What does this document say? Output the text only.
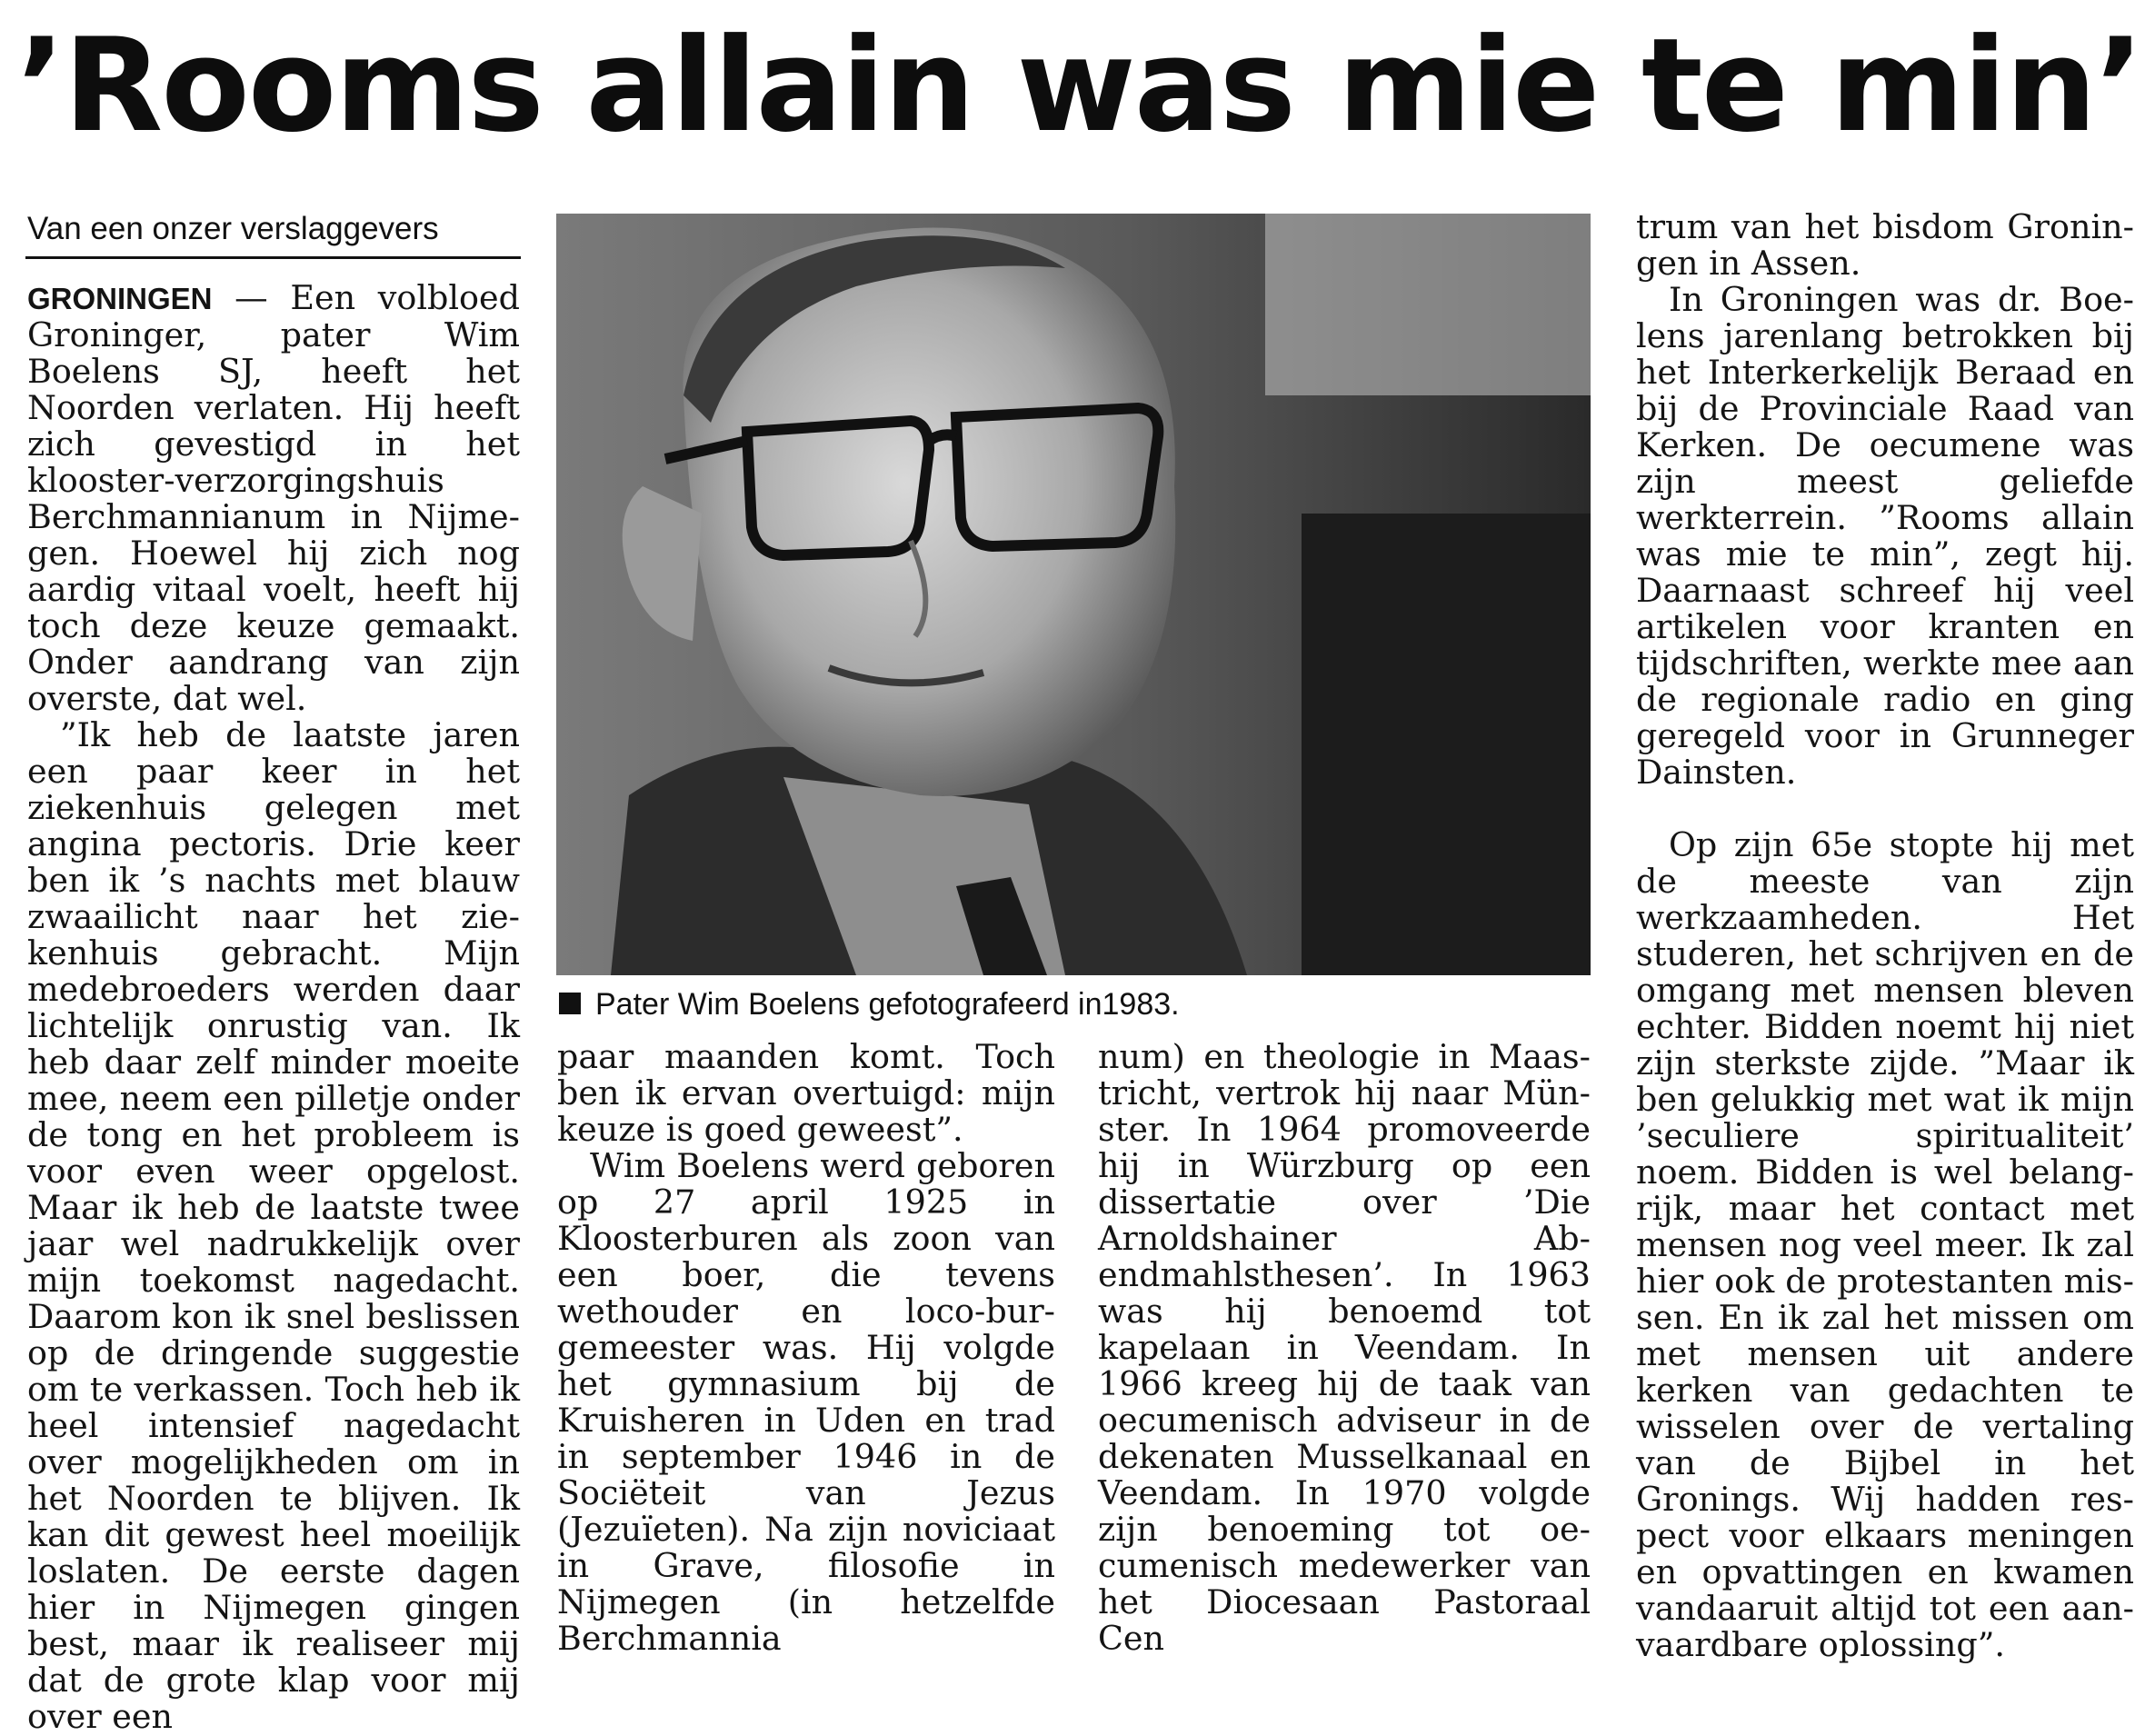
’Rooms allain was mie te min’
Van een onzer verslaggevers

GRONINGEN — Een volbloed Groninger, pater Wim Boelens SJ, heeft het Noorden verlaten. Hij heeft zich gevestigd in het klooster-verzorgingshuis Berchmannianum in Nijmegen. Hoewel hij zich nog aardig vitaal voelt, heeft hij toch deze keuze gemaakt. Onder aandrang van zijn overste, dat wel.

”Ik heb de laatste jaren een paar keer in het ziekenhuis gelegen met angina pectoris. Drie keer ben ik ’s nachts met blauw zwaailicht naar het ziekenhuis gebracht. Mijn medebroeders werden daar lichtelijk onrustig van. Ik heb daar zelf minder moeite mee, neem een pilletje onder de tong en het probleem is voor even weer opgelost. Maar ik heb de laatste twee jaar wel nadrukkelijk over mijn toekomst nagedacht. Daarom kon ik snel beslissen op de dringende suggestie om te verkassen. Toch heb ik heel intensief nagedacht over mogelijkheden om in het Noorden te blijven. Ik kan dit gewest heel moeilijk loslaten. De eerste dagen hier in Nijmegen gingen best, maar ik realiseer mij dat de grote klap voor mij over een

Pater Wim Boelens gefotografeerd in1983.

paar maanden komt. Toch ben ik ervan overtuigd: mijn keuze is goed geweest”.

Wim Boelens werd geboren op 27 april 1925 in Kloosterburen als zoon van een boer, die tevens wethouder en loco-burgemeester was. Hij volgde het gymnasium bij de Kruisheren in Uden en trad in september 1946 in de Sociëteit van Jezus (Jezuïeten). Na zijn noviciaat in Grave, filosofie in Nijmegen (in hetzelfde Berchmannia

num) en theologie in Maastricht, vertrok hij naar Münster. In 1964 promoveerde hij in Würzburg op een dissertatie over ’Die Arnoldshainer Abendmahlsthesen’. In 1963 was hij benoemd tot kapelaan in Veendam. In 1966 kreeg hij de taak van oecumenisch adviseur in de dekenaten Musselkanaal en Veendam. In 1970 volgde zijn benoeming tot oecumenisch medewerker van het Diocesaan Pastoraal Cen

trum van het bisdom Groningen in Assen.

In Groningen was dr. Boelens jarenlang betrokken bij het Interkerkelijk Beraad en bij de Provinciale Raad van Kerken. De oecumene was zijn meest geliefde werkterrein. ”Rooms allain was mie te min”, zegt hij. Daarnaast schreef hij veel artikelen voor kranten en tijdschriften, werkte mee aan de regionale radio en ging geregeld voor in Grunneger Dainsten.

Op zijn 65e stopte hij met de meeste van zijn werkzaamheden. Het studeren, het schrijven en de omgang met mensen bleven echter. Bidden noemt hij niet zijn sterkste zijde. ”Maar ik ben gelukkig met wat ik mijn ’seculiere spiritualiteit’ noem. Bidden is wel belangrijk, maar het contact met mensen nog veel meer. Ik zal hier ook de protestanten missen. En ik zal het missen om met mensen uit andere kerken van gedachten te wisselen over de vertaling van de Bijbel in het Gronings. Wij hadden respect voor elkaars meningen en opvattingen en kwamen vandaaruit altijd tot een aanvaardbare oplossing”.
